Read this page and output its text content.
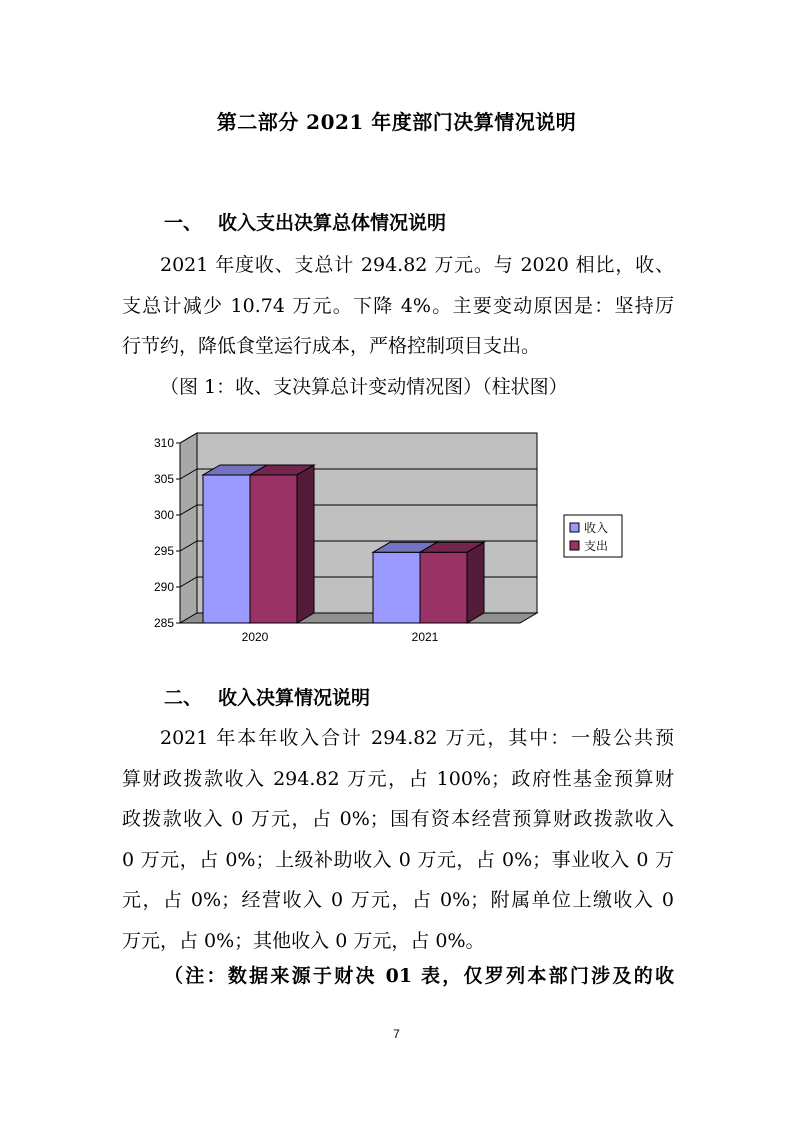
第二部分 2021 年度部门决算情况说明
一、 收入支出决算总体情况说明
2021 年度收、支总计 294.82 万元。与 2020 相比，收、
支总计减少 10.74 万元。下降 4%。主要变动原因是：坚持厉
行节约，降低食堂运行成本，严格控制项目支出。
（图 1：收、支决算总计变动情况图）（柱状图）
285
290
295
300
305
310
2020	2021
收入
支出
二、 收入决算情况说明
2021 年本年收入合计 294.82 万元，其中：一般公共预
算财政拨款收入 294.82 万元，占 100%；政府性基金预算财
政拨款收入 0 万元，占 0%；国有资本经营预算财政拨款收入
0 万元，占 0%；上级补助收入 0 万元，占 0%；事业收入 0 万
元，占 0%；经营收入 0 万元，占 0%；附属单位上缴收入 0
万元，占 0%；其他收入 0 万元，占 0%。
（注：数据来源于财决 01 表，仅罗列本部门涉及的收
7
